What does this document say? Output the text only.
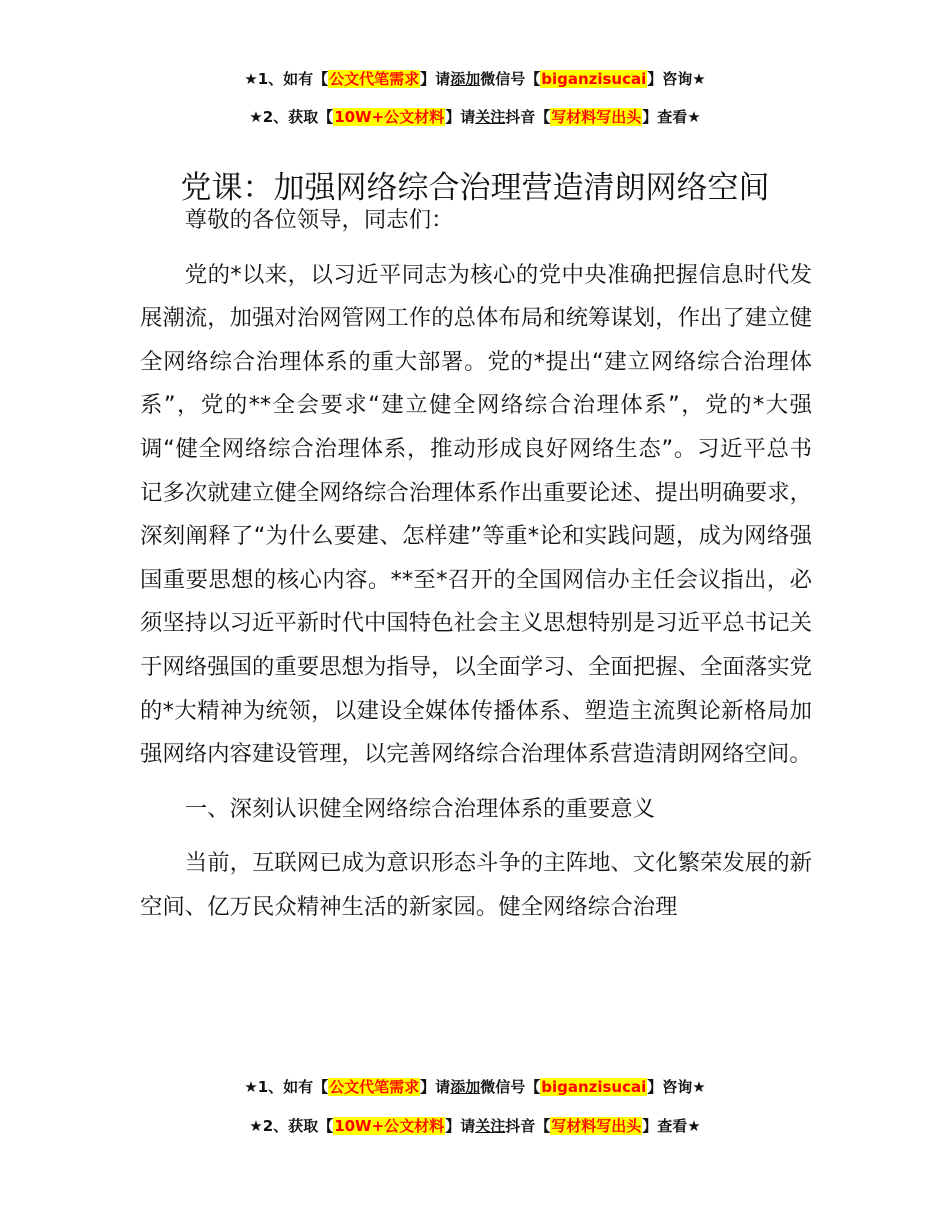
★1、如有【公文代笔需求】请添加微信号【biganzisucai】咨询★
★2、获取【10W+公文材料】请关注抖音【写材料写出头】查看★
党课：加强网络综合治理营造清朗网络空间

尊敬的各位领导，同志们：

党的*以来，以习近平同志为核心的党中央准确把握信息时代发展潮流，加强对治网管网工作的总体布局和统筹谋划，作出了建立健全网络综合治理体系的重大部署。党的*提出“建立网络综合治理体系”，党的**全会要求“建立健全网络综合治理体系”，党的*大强调“健全网络综合治理体系，推动形成良好网络生态”。习近平总书记多次就建立健全网络综合治理体系作出重要论述、提出明确要求，深刻阐释了“为什么要建、怎样建”等重*论和实践问题，成为网络强国重要思想的核心内容。**至*召开的全国网信办主任会议指出，必须坚持以习近平新时代中国特色社会主义思想特别是习近平总书记关于网络强国的重要思想为指导，以全面学习、全面把握、全面落实党的*大精神为统领，以建设全媒体传播体系、塑造主流舆论新格局加强网络内容建设管理，以完善网络综合治理体系营造清朗网络空间。

一、深刻认识健全网络综合治理体系的重要意义

当前，互联网已成为意识形态斗争的主阵地、文化繁荣发展的新空间、亿万民众精神生活的新家园。健全网络综合治理

★1、如有【公文代笔需求】请添加微信号【biganzisucai】咨询★
★2、获取【10W+公文材料】请关注抖音【写材料写出头】查看★
